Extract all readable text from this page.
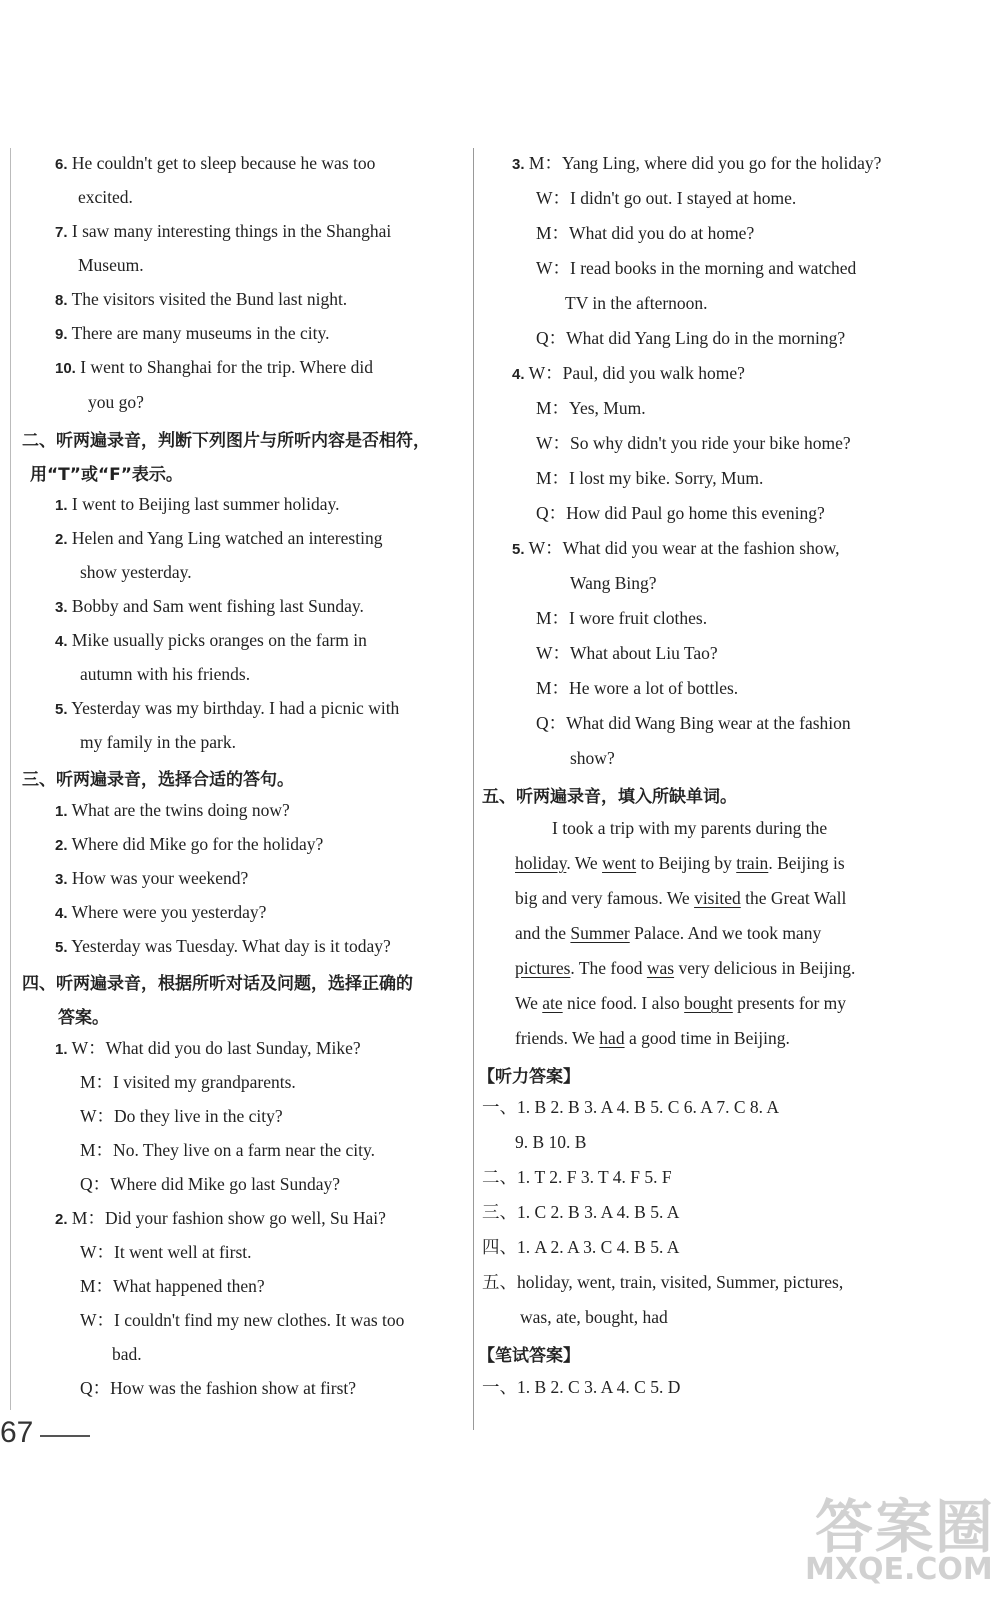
6. He couldn't get to sleep because he was too
excited.
7. I saw many interesting things in the Shanghai
Museum.
8. The visitors visited the Bund last night.
9. There are many museums in the city.
10. I went to Shanghai for the trip. Where did
you go?
二、听两遍录音，判断下列图片与所听内容是否相符，
用“T”或“F”表示。
1. I went to Beijing last summer holiday.
2. Helen and Yang Ling watched an interesting
show yesterday.
3. Bobby and Sam went fishing last Sunday.
4. Mike usually picks oranges on the farm in
autumn with his friends.
5. Yesterday was my birthday. I had a picnic with
my family in the park.
三、听两遍录音，选择合适的答句。
1. What are the twins doing now?
2. Where did Mike go for the holiday?
3. How was your weekend?
4. Where were you yesterday?
5. Yesterday was Tuesday. What day is it today?
四、听两遍录音，根据所听对话及问题，选择正确的
答案。
1. W：What did you do last Sunday, Mike?
M：I visited my grandparents.
W：Do they live in the city?
M：No. They live on a farm near the city.
Q：Where did Mike go last Sunday?
2. M：Did your fashion show go well, Su Hai?
W：It went well at first.
M：What happened then?
W：I couldn't find my new clothes. It was too
bad.
Q：How was the fashion show at first?
3. M：Yang Ling, where did you go for the holiday?
W：I didn't go out. I stayed at home.
M：What did you do at home?
W：I read books in the morning and watched
TV in the afternoon.
Q：What did Yang Ling do in the morning?
4. W：Paul, did you walk home?
M：Yes, Mum.
W：So why didn't you ride your bike home?
M：I lost my bike. Sorry, Mum.
Q：How did Paul go home this evening?
5. W：What did you wear at the fashion show,
Wang Bing?
M：I wore fruit clothes.
W：What about Liu Tao?
M：He wore a lot of bottles.
Q：What did Wang Bing wear at the fashion
show?
五、听两遍录音，填入所缺单词。
I took a trip with my parents during the
holiday. We went to Beijing by train. Beijing is
big and very famous. We visited the Great Wall
and the Summer Palace. And we took many
pictures. The food was very delicious in Beijing.
We ate nice food. I also bought presents for my
friends. We had a good time in Beijing.
【听力答案】
一、1. B 2. B 3. A 4. B 5. C 6. A 7. C 8. A
9. B 10. B
二、1. T 2. F 3. T 4. F 5. F
三、1. C 2. B 3. A 4. B 5. A
四、1. A 2. A 3. C 4. B 5. A
五、holiday, went, train, visited, Summer, pictures,
was, ate, bought, had
【笔试答案】
一、1. B 2. C 3. A 4. C 5. D
67
答案圈
MXQE.COM
